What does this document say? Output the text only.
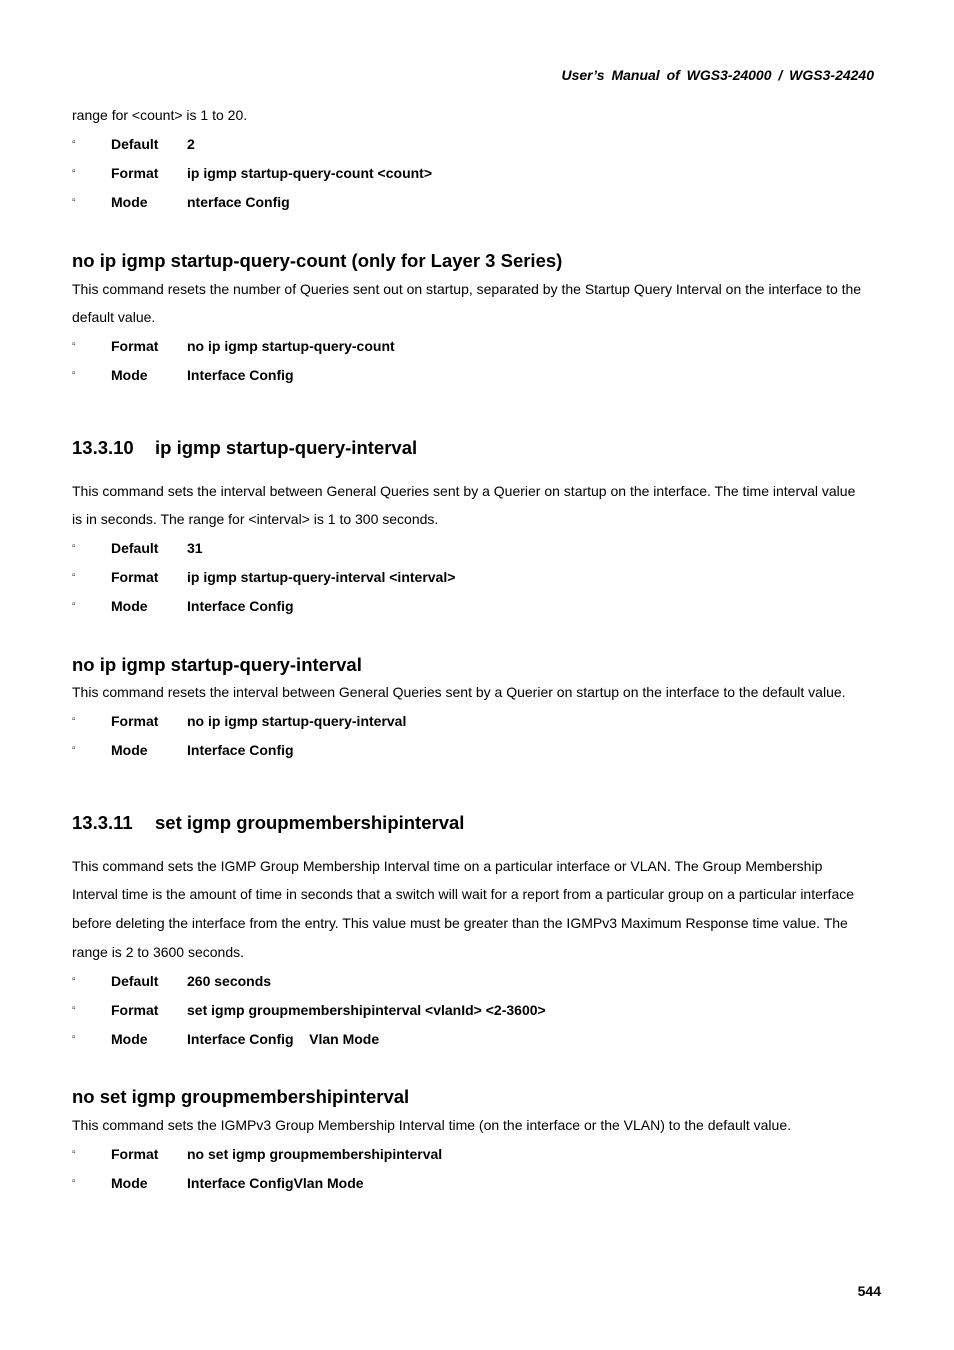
User’s Manual of WGS3-24000 / WGS3-24240
range for <count> is 1 to 20.
▫	Default 2
▫	Format ip igmp startup-query-count <count>
▫	Mode	nterface Config
no ip igmp startup-query-count (only for Layer 3 Series)
This command resets the number of Queries sent out on startup, separated by the Startup Query Interval on the interface to the
default value.
▫	Format no ip igmp startup-query-count
▫	Mode	Interface Config
13.3.10 ip igmp startup-query-interval
This command sets the interval between General Queries sent by a Querier on startup on the interface. The time interval value
is in seconds. The range for <interval> is 1 to 300 seconds.
▫	Default 31
▫	Format ip igmp startup-query-interval <interval>
▫	Mode	Interface Config
no ip igmp startup-query-interval
This command resets the interval between General Queries sent by a Querier on startup on the interface to the default value.
▫	Format no ip igmp startup-query-interval
▫	Mode	Interface Config
13.3.11 set igmp groupmembershipinterval
This command sets the IGMP Group Membership Interval time on a particular interface or VLAN. The Group Membership
Interval time is the amount of time in seconds that a switch will wait for a report from a particular group on a particular interface
before deleting the interface from the entry. This value must be greater than the IGMPv3 Maximum Response time value. The
range is 2 to 3600 seconds.
▫	Default 260 seconds
▫	Format set igmp groupmembershipinterval <vlanId> <2-3600>
▫	Mode	Interface Config    Vlan Mode
no set igmp groupmembershipinterval
This command sets the IGMPv3 Group Membership Interval time (on the interface or the VLAN) to the default value.
▫	Format no set igmp groupmembershipinterval
▫	Mode	Interface ConfigVlan Mode
544
